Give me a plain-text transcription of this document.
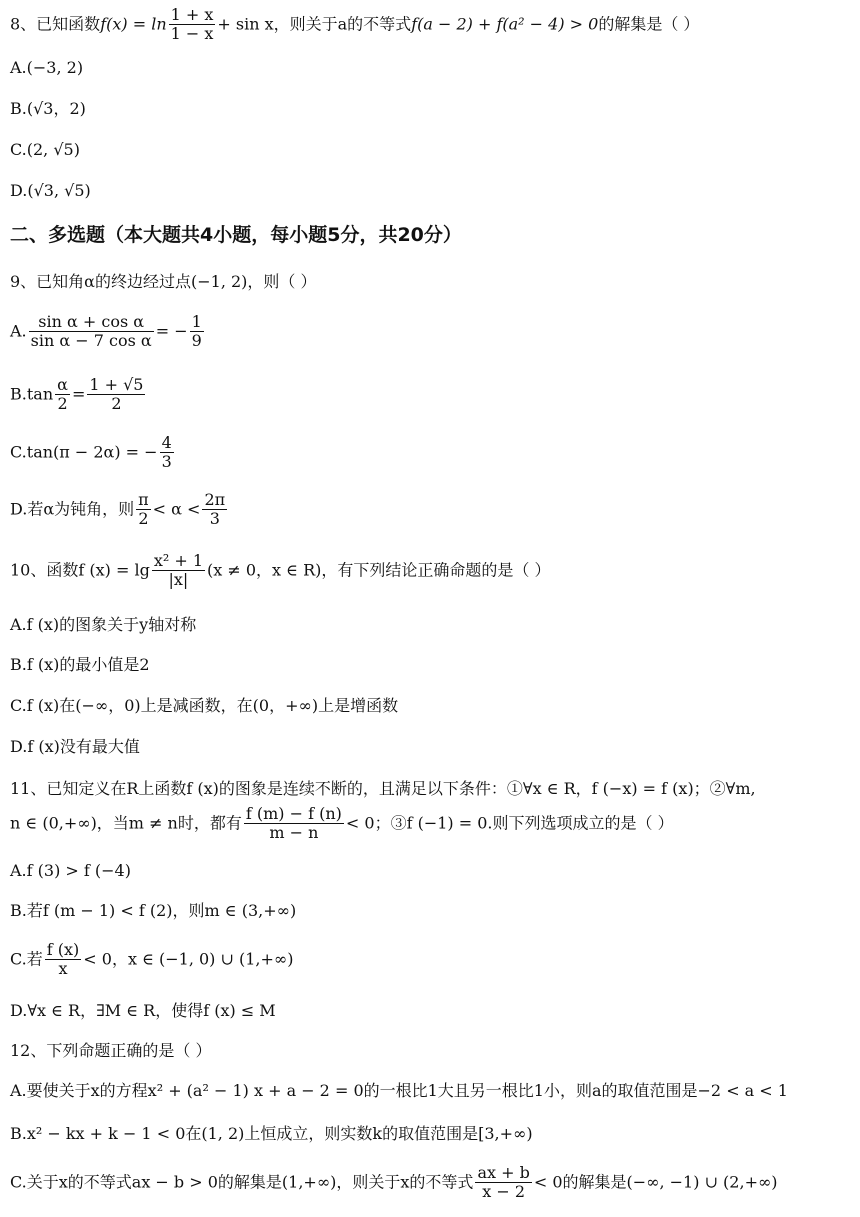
8、已知函数$f(x) = \ln \frac{1 + x}{1 - x} + \sin x$，则关于a的不等式f(a − 2) + f(a² − 4) > 0的解集是（ ）
A.(−3, 2)
B.(√3，2)
C.(2, √5)
D.(√3, √5)
二、多选题（本大题共4小题，每小题5分，共20分）
9、已知角α的终边经过点(−1, 2)，则（ ）
A. $\frac{\text{sin α + cos α}}{\text{sin α − 7 cos α}}$ = − $\frac{1}{9}$
$B.\tan \frac{\alpha}{2} = \frac{1 + √5}{2}$
C.tan(π − 2α) = − $\frac{4}{3}$
D.若α为钝角，则 $\frac{\pi}{2} < \alpha < \frac{2\pi}{3}$
10、函数f $(x) = \lg \frac{\text{x² + 1}}{|x|} (x \ne 0$，x ∈ R)，有下列结论正确命题的是（ ）
A.f (x)的图象关于y轴对称
B.f (x)的最小值是2
C.f (x)在(−∞，0)上是减函数，在(0，+∞)上是增函数
D.f (x)没有最大值
11、已知定义在R上函数f (x)的图象是连续不断的，且满足以下条件：①∀x ∈ R，f (−x) = f (x)；②∀m,
n ∈ (0,+∞)，当m ≠ n时，都有 $\frac{f (m) - f (n)}{m - n} < 0$；③f (−1) = 0.则下列选项成立的是（ ）
A.f (3) > f (−4)
B.若f (m − 1) < f (2)，则m ∈ (3,+∞)
C.若 $\frac{f (x)}{x} < 0$，x ∈ (−1, 0) ∪ (1,+∞)
D.∀x ∈ R，∃M ∈ R，使得f (x) ≤ M
12、下列命题正确的是（ ）
A.要使关于x的方程x² + (a² − 1) x + a − 2 = 0的一根比1大且另一根比1小，则a的取值范围是−2 < a < 1
B.x² − kx + k − 1 < 0在(1, 2)上恒成立，则实数k的取值范围是[3,+∞)
C.关于x的不等式ax − b > 0的解集是(1,+∞)，则关于x的不等式 $\frac{ax + b}{x - 2} < 0$的解集是(−∞, −1) ∪ (2,+∞)
